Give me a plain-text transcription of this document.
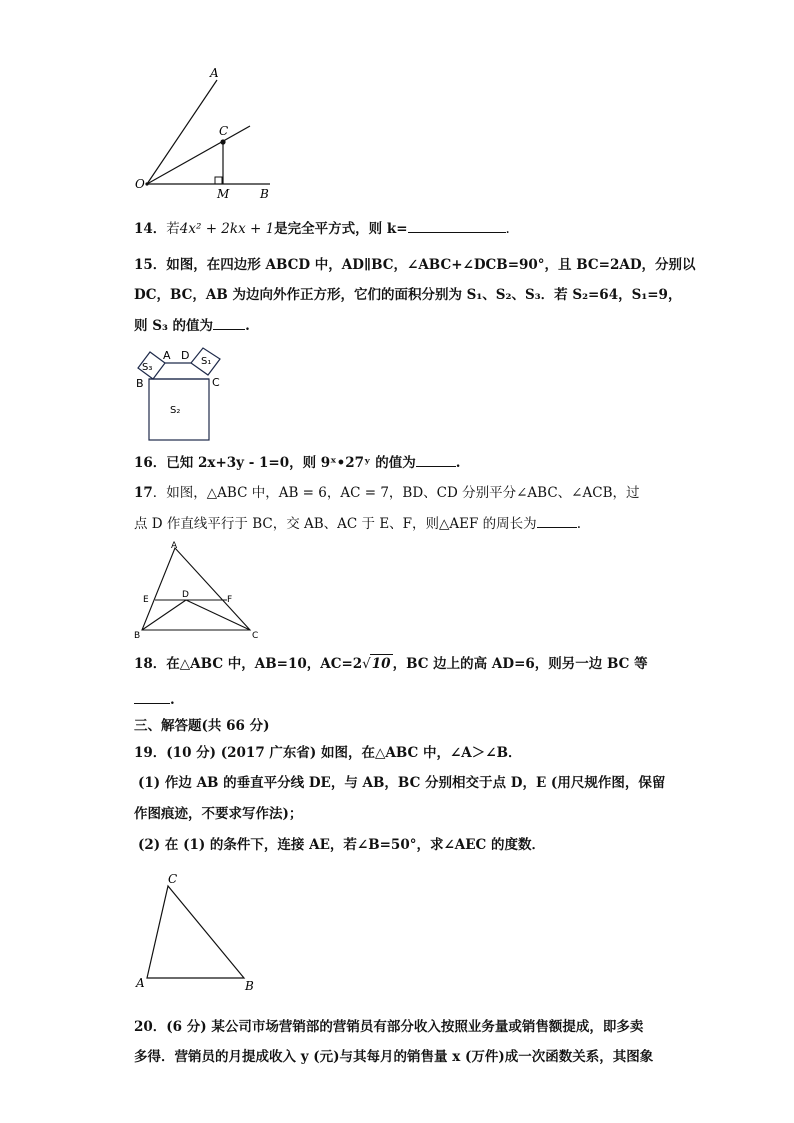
A
C
O
M	B
14．若4x² + 2kx + 1是完全平方式，则 k=	.
15．如图，在四边形 ABCD 中，AD∥BC，∠ABC+∠DCB=90°，且 BC=2AD，分别以
DC，BC，AB 为边向外作正方形，它们的面积分别为 S₁、S₂、S₃．若 S₂=64，S₁=9，
则 S₃ 的值为 .
S₃
A D S₁
B	C
S₂
16．已知 2x+3y - 1=0，则 9ˣ•27ʸ 的值为	.
17．如图，△ABC 中，AB = 6，AC = 7，BD、CD 分别平分∠ABC、∠ACB，过
点 D 作直线平行于 BC，交 AB、AC 于 E、F，则△AEF 的周长为	.
A
E	D	F
B	C
18．在△ABC 中，AB=10，AC=2√10 ，BC 边上的高 AD=6，则另一边 BC 等
.
三、解答题(共 66 分)
19．(10 分) (2017 广东省) 如图，在△ABC 中，∠A＞∠B．
(1) 作边 AB 的垂直平分线 DE，与 AB，BC 分别相交于点 D，E (用尺规作图，保留
作图痕迹，不要求写作法)；
(2) 在 (1) 的条件下，连接 AE，若∠B=50°，求∠AEC 的度数．
C
A	B
20．(6 分) 某公司市场营销部的营销员有部分收入按照业务量或销售额提成，即多卖
多得．营销员的月提成收入 y (元)与其每月的销售量 x (万件)成一次函数关系，其图象
